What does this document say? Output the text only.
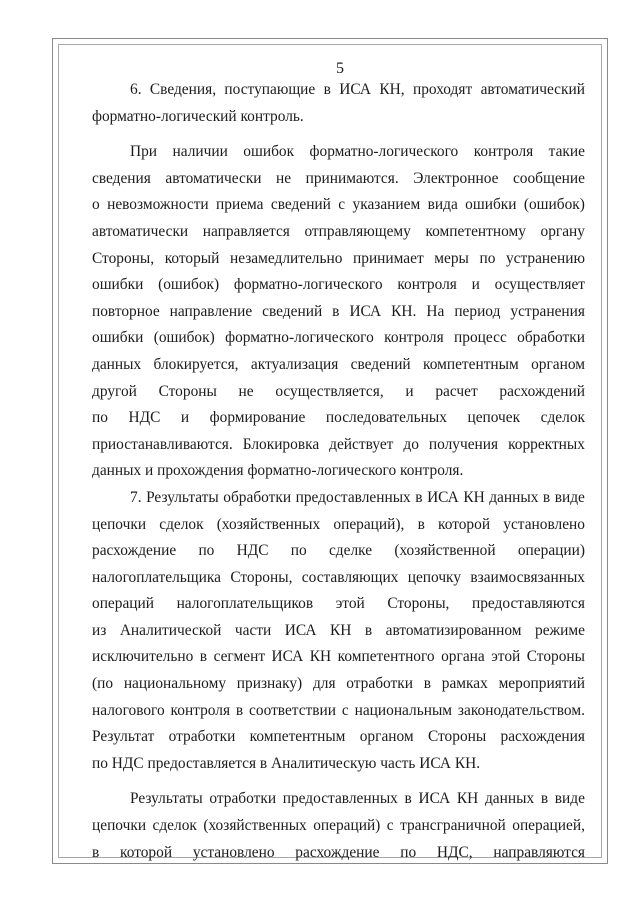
5

6. Сведения, поступающие в ИСА КН, проходят автоматический
форматно-логический контроль.

При наличии ошибок форматно-логического контроля такие
сведения автоматически не принимаются. Электронное сообщение
о невозможности приема сведений с указанием вида ошибки (ошибок)
автоматически направляется отправляющему компетентному органу
Стороны, который незамедлительно принимает меры по устранению
ошибки (ошибок) форматно-логического контроля и осуществляет
повторное направление сведений в ИСА КН. На период устранения
ошибки (ошибок) форматно-логического контроля процесс обработки
данных блокируется, актуализация сведений компетентным органом
другой Стороны не осуществляется, и расчет расхождений
по НДС и формирование последовательных цепочек сделок
приостанавливаются. Блокировка действует до получения корректных
данных и прохождения форматно-логического контроля.

7. Результаты обработки предоставленных в ИСА КН данных в виде
цепочки сделок (хозяйственных операций), в которой установлено
расхождение по НДС по сделке (хозяйственной операции)
налогоплательщика Стороны, составляющих цепочку взаимосвязанных
операций налогоплательщиков этой Стороны, предоставляются
из Аналитической части ИСА КН в автоматизированном режиме
исключительно в сегмент ИСА КН компетентного органа этой Стороны
(по национальному признаку) для отработки в рамках мероприятий
налогового контроля в соответствии с национальным законодательством.
Результат отработки компетентным органом Стороны расхождения
по НДС предоставляется в Аналитическую часть ИСА КН.

Результаты отработки предоставленных в ИСА КН данных в виде
цепочки сделок (хозяйственных операций) с трансграничной операцией,
в которой установлено расхождение по НДС, направляются
